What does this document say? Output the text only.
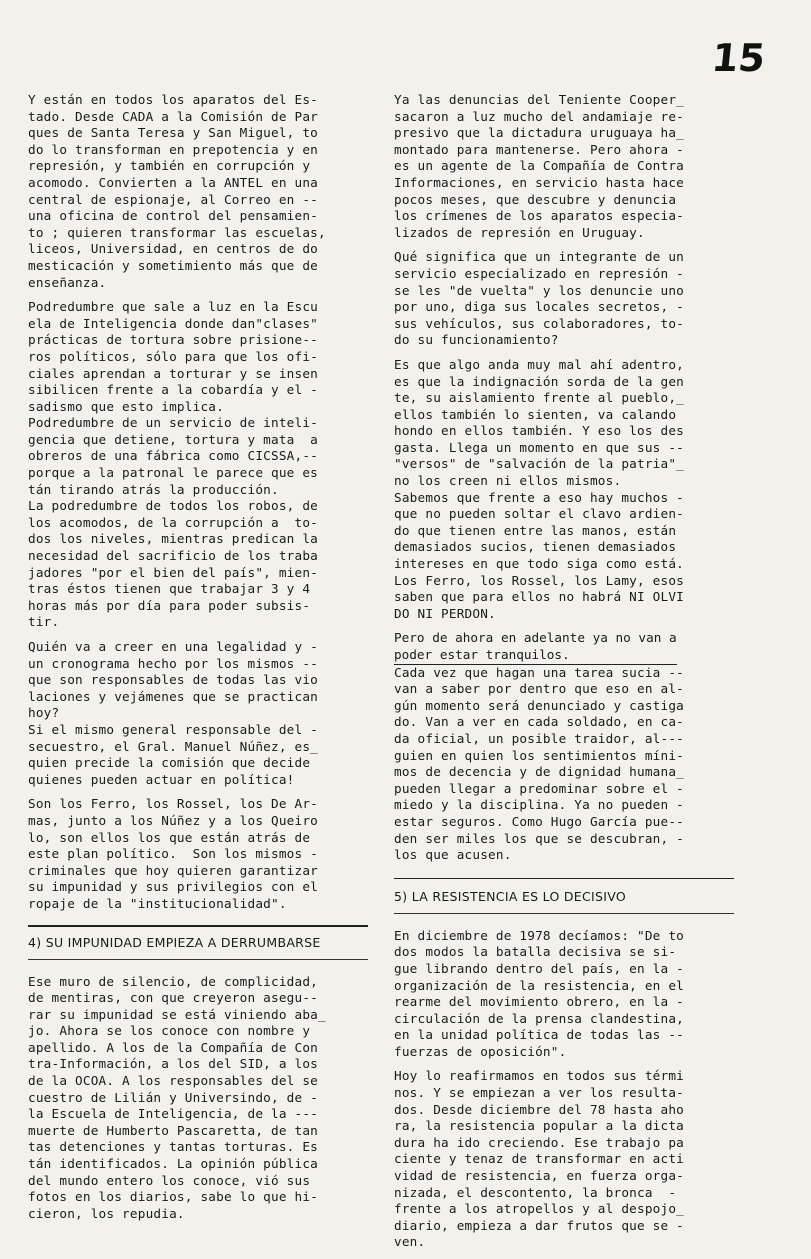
15

Y están en todos los aparatos del Es-
tado. Desde CADA a la Comisión de Par
ques de Santa Teresa y San Miguel, to
do lo transforman en prepotencia y en
represión, y también en corrupción y
acomodo. Convierten a la ANTEL en una
central de espionaje, al Correo en --
una oficina de control del pensamien-
to ; quieren transformar las escuelas,
liceos, Universidad, en centros de do
mesticación y sometimiento más que de
enseñanza.

Podredumbre que sale a luz en la Escu
ela de Inteligencia donde dan"clases"
prácticas de tortura sobre prisione--
ros políticos, sólo para que los ofi-
ciales aprendan a torturar y se insen
sibilicen frente a la cobardía y el -
sadismo que esto implica.
Podredumbre de un servicio de inteli-
gencia que detiene, tortura y mata  a
obreros de una fábrica como CICSSA,--
porque a la patronal le parece que es
tán tirando atrás la producción.
La podredumbre de todos los robos, de
los acomodos, de la corrupción a  to-
dos los niveles, mientras predican la
necesidad del sacrificio de los traba
jadores "por el bien del país", mien-
tras éstos tienen que trabajar 3 y 4
horas más por día para poder subsis-
tir.

Quién va a creer en una legalidad y -
un cronograma hecho por los mismos --
que son responsables de todas las vio
laciones y vejámenes que se practican
hoy?
Si el mismo general responsable del -
secuestro, el Gral. Manuel Núñez, es_
quien precide la comisión que decide
quienes pueden actuar en política!

Son los Ferro, los Rossel, los De Ar-
mas, junto a los Núñez y a los Queiro
lo, son ellos los que están atrás de
este plan político.  Son los mismos -
criminales que hoy quieren garantizar
su impunidad y sus privilegios con el
ropaje de la "institucionalidad".

4) SU IMPUNIDAD EMPIEZA A DERRUMBARSE

Ese muro de silencio, de complicidad,
de mentiras, con que creyeron asegu--
rar su impunidad se está viniendo aba_
jo. Ahora se los conoce con nombre y
apellido. A los de la Compañía de Con
tra-Información, a los del SID, a los
de la OCOA. A los responsables del se
cuestro de Lilián y Universindo, de -
la Escuela de Inteligencia, de la ---
muerte de Humberto Pascaretta, de tan
tas detenciones y tantas torturas. Es
tán identificados. La opinión pública
del mundo entero los conoce, vió sus
fotos en los diarios, sabe lo que hi-
cieron, los repudia.

Ya las denuncias del Teniente Cooper_
sacaron a luz mucho del andamiaje re-
presivo que la dictadura uruguaya ha_
montado para mantenerse. Pero ahora -
es un agente de la Compañía de Contra
Informaciones, en servicio hasta hace
pocos meses, que descubre y denuncia
los crímenes de los aparatos especia-
lizados de represión en Uruguay.

Qué significa que un integrante de un
servicio especializado en represión -
se les "de vuelta" y los denuncie uno
por uno, diga sus locales secretos, -
sus vehículos, sus colaboradores, to-
do su funcionamiento?

Es que algo anda muy mal ahí adentro,
es que la indignación sorda de la gen
te, su aislamiento frente al pueblo,_
ellos también lo sienten, va calando
hondo en ellos también. Y eso los des
gasta. Llega un momento en que sus --
"versos" de "salvación de la patria"_
no los creen ni ellos mismos.
Sabemos que frente a eso hay muchos -
que no pueden soltar el clavo ardien-
do que tienen entre las manos, están
demasiados sucios, tienen demasiados
intereses en que todo siga como está.
Los Ferro, los Rossel, los Lamy, esos
saben que para ellos no habrá NI OLVI
DO NI PERDON.

Pero de ahora en adelante ya no van a
poder estar tranquilos.

Cada vez que hagan una tarea sucia --
van a saber por dentro que eso en al-
gún momento será denunciado y castiga
do. Van a ver en cada soldado, en ca-
da oficial, un posible traidor, al---
guien en quien los sentimientos míni-
mos de decencia y de dignidad humana_
pueden llegar a predominar sobre el -
miedo y la disciplina. Ya no pueden -
estar seguros. Como Hugo García pue--
den ser miles los que se descubran, -
los que acusen.

5) LA RESISTENCIA ES LO DECISIVO

En diciembre de 1978 decíamos: "De to
dos modos la batalla decisiva se si-
gue librando dentro del país, en la -
organización de la resistencia, en el
rearme del movimiento obrero, en la -
circulación de la prensa clandestina,
en la unidad política de todas las --
fuerzas de oposición".

Hoy lo reafirmamos en todos sus térmi
nos. Y se empiezan a ver los resulta-
dos. Desde diciembre del 78 hasta aho
ra, la resistencia popular a la dicta
dura ha ido creciendo. Ese trabajo pa
ciente y tenaz de transformar en acti
vidad de resistencia, en fuerza orga-
nizada, el descontento, la bronca  -
frente a los atropellos y al despojo_
diario, empieza a dar frutos que se -
ven.
